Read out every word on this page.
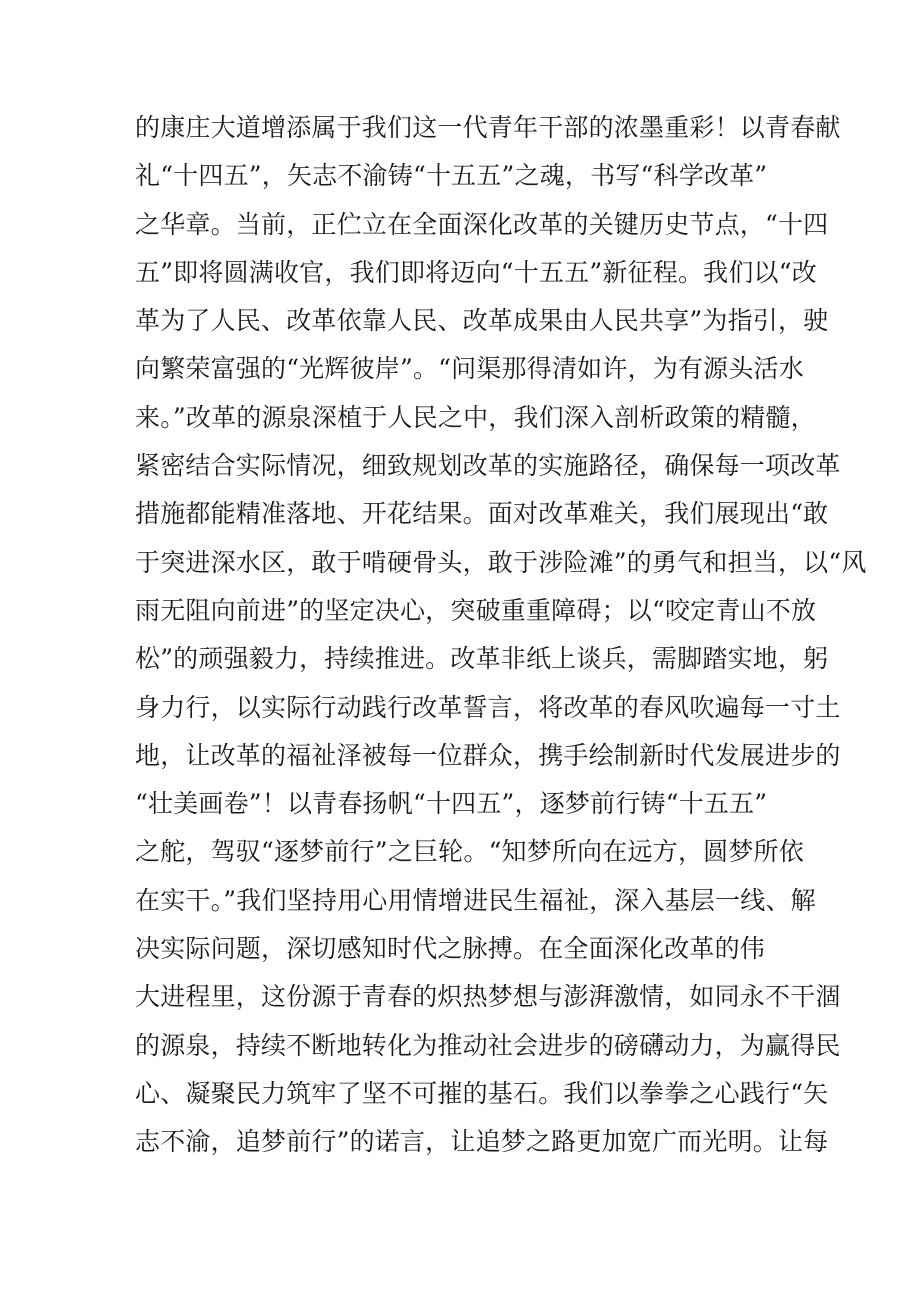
的康庄大道增添属于我们这一代青年干部的浓墨重彩！以青春献
礼“十四五”，矢志不渝铸“十五五”之魂，书写“科学改革”
之华章。当前，正伫立在全面深化改革的关键历史节点，“十四
五”即将圆满收官，我们即将迈向“十五五”新征程。我们以“改
革为了人民、改革依靠人民、改革成果由人民共享”为指引，驶
向繁荣富强的“光辉彼岸”。“问渠那得清如许，为有源头活水
来。”改革的源泉深植于人民之中，我们深入剖析政策的精髓，
紧密结合实际情况，细致规划改革的实施路径，确保每一项改革
措施都能精准落地、开花结果。面对改革难关，我们展现出“敢
于突进深水区，敢于啃硬骨头，敢于涉险滩”的勇气和担当，以“风
雨无阻向前进”的坚定决心，突破重重障碍；以“咬定青山不放
松”的顽强毅力，持续推进。改革非纸上谈兵，需脚踏实地，躬
身力行，以实际行动践行改革誓言，将改革的春风吹遍每一寸土
地，让改革的福祉泽被每一位群众，携手绘制新时代发展进步的
“壮美画卷”！以青春扬帆“十四五”，逐梦前行铸“十五五”
之舵，驾驭“逐梦前行”之巨轮。“知梦所向在远方，圆梦所依
在实干。”我们坚持用心用情增进民生福祉，深入基层一线、解
决实际问题，深切感知时代之脉搏。在全面深化改革的伟
大进程里，这份源于青春的炽热梦想与澎湃激情，如同永不干涸
的源泉，持续不断地转化为推动社会进步的磅礴动力，为赢得民
心、凝聚民力筑牢了坚不可摧的基石。我们以拳拳之心践行“矢
志不渝，追梦前行”的诺言，让追梦之路更加宽广而光明。让每
